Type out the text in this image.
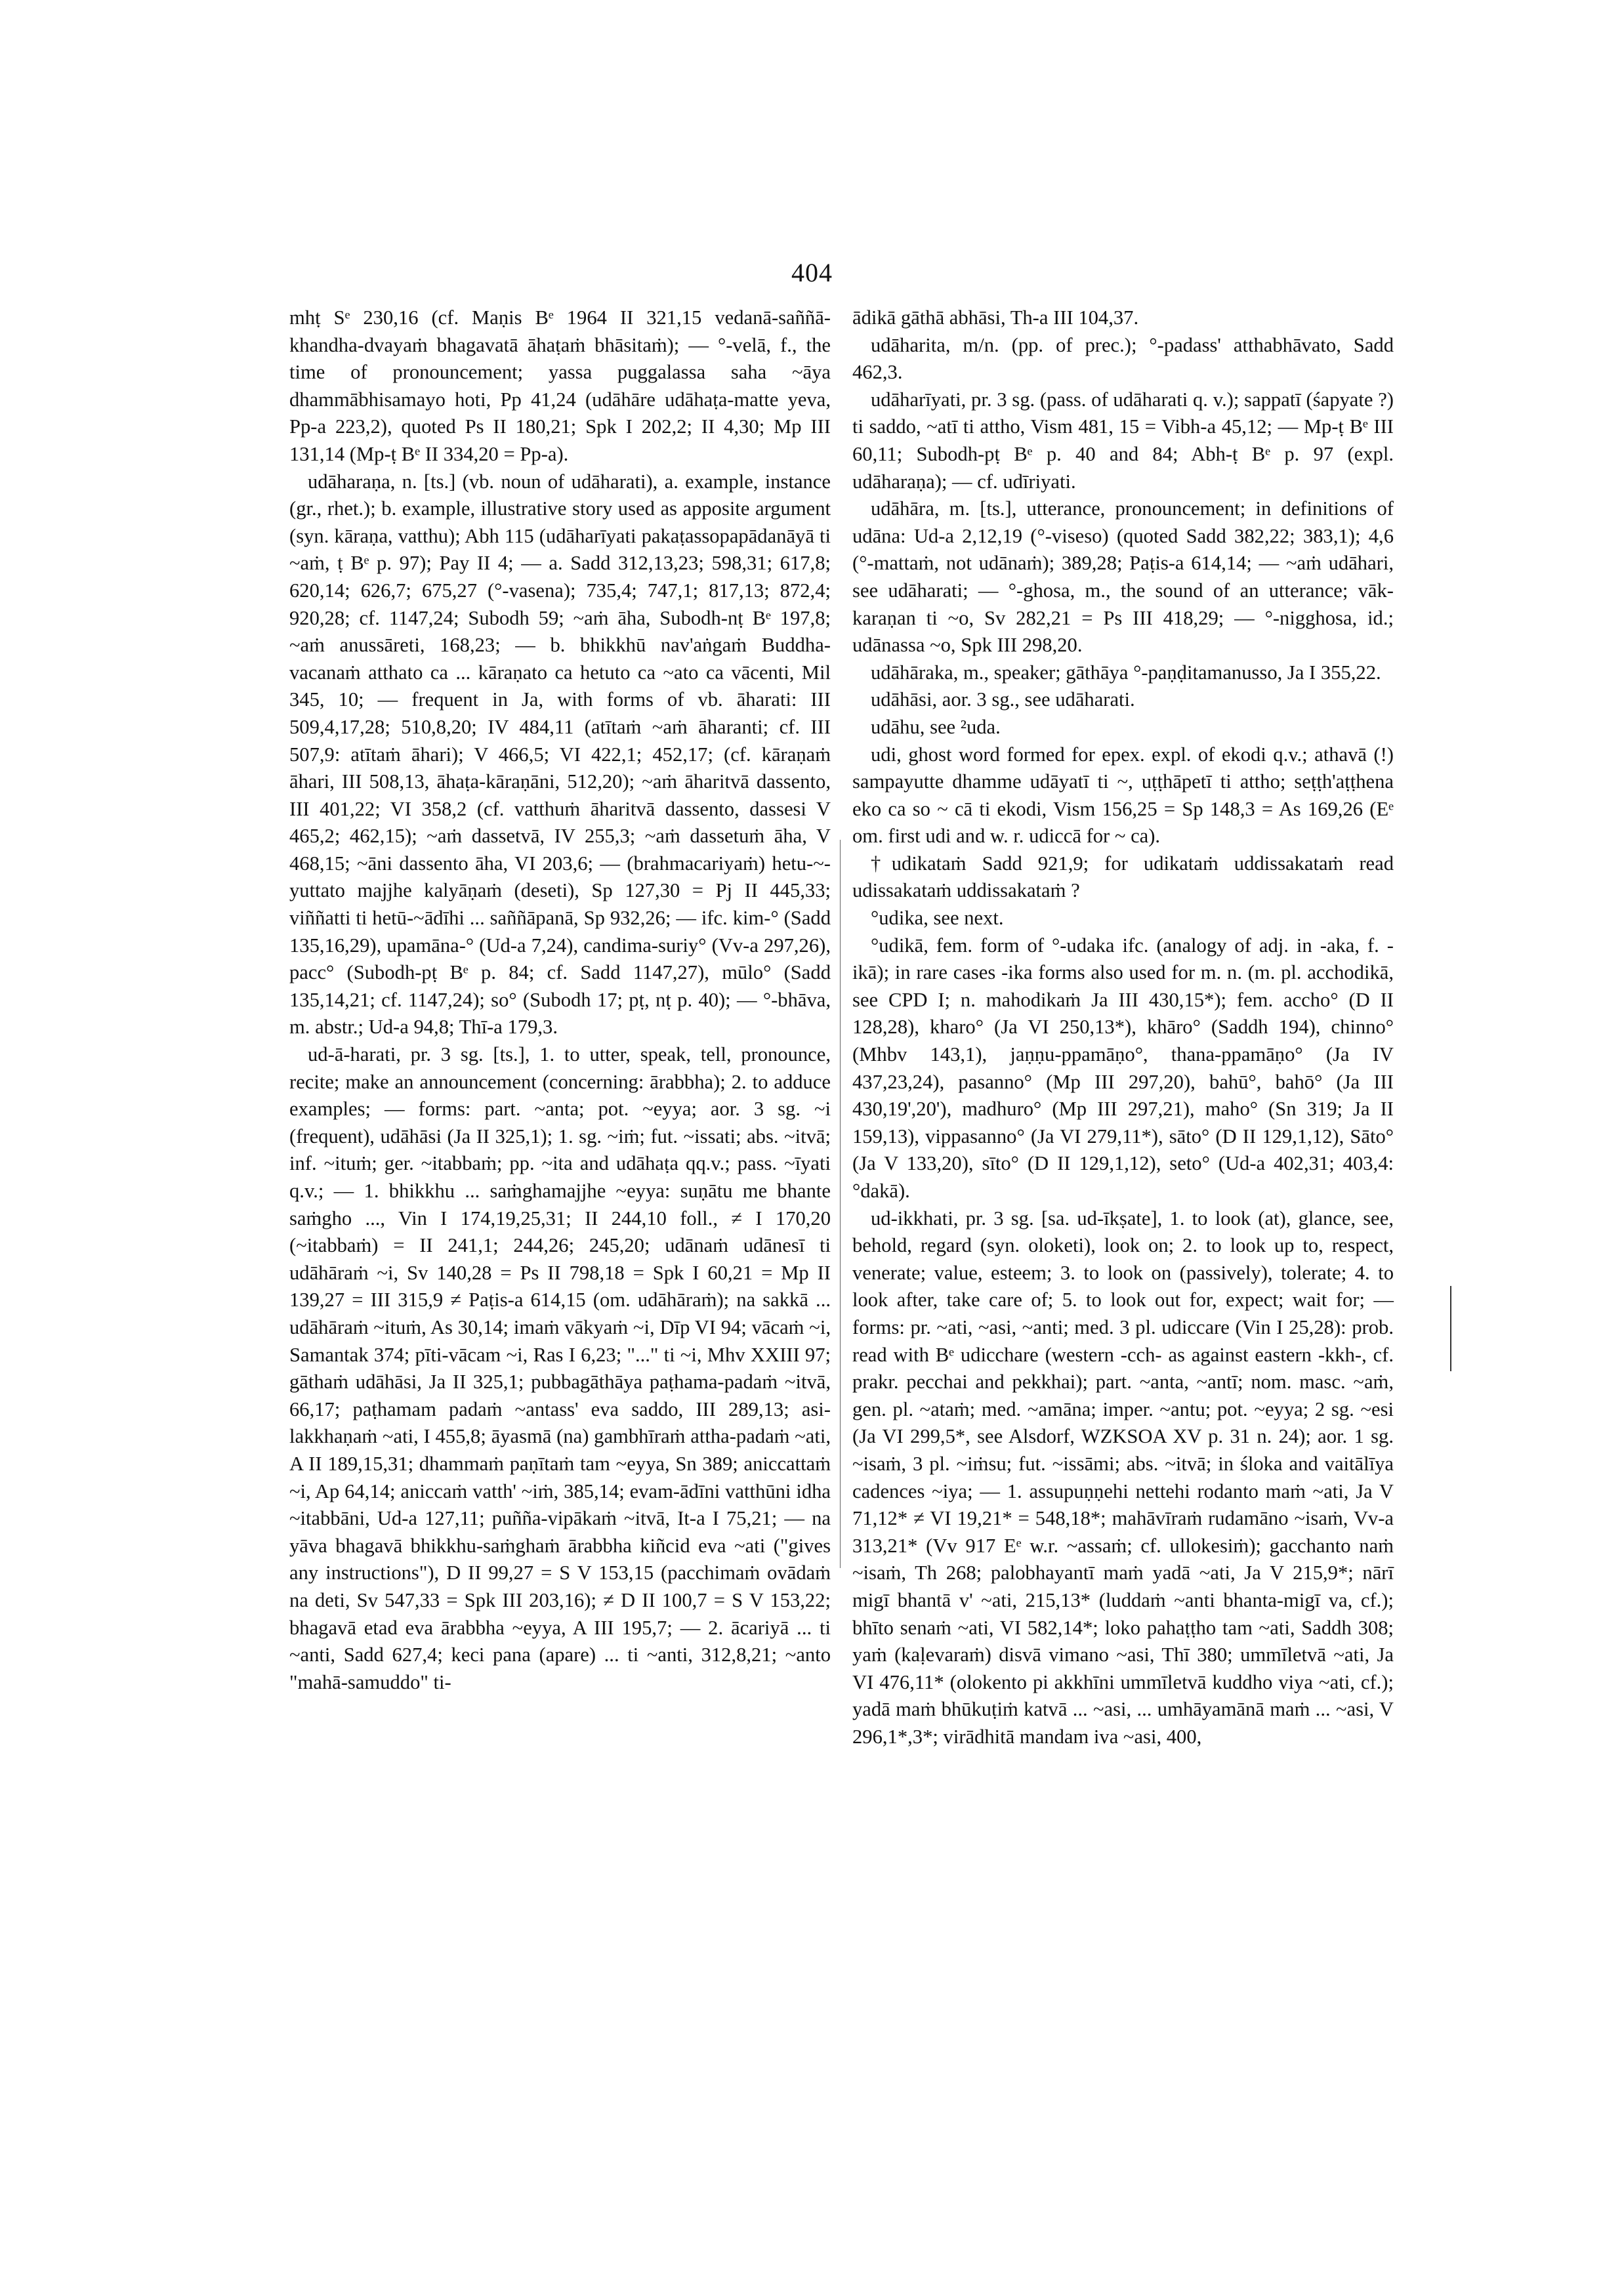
404

mhṭ Sᵉ 230,16 (cf. Maṇis Bᵉ 1964 II 321,15 vedanā-saññā-khandha-dvayaṁ bhagavatā āhaṭaṁ bhāsitaṁ); — °-velā, f., the time of pronouncement; yassa puggalassa saha ~āya dhammābhisamayo hoti, Pp 41,24 (udāhāre udāhaṭa-matte yeva, Pp-a 223,2), quoted Ps II 180,21; Spk I 202,2; II 4,30; Mp III 131,14 (Mp-ṭ Bᵉ II 334,20 = Pp-a).

udāharaṇa, n. [ts.] (vb. noun of udāharati), a. example, instance (gr., rhet.); b. example, illustrative story used as apposite argument (syn. kāraṇa, vatthu); Abh 115 (udāharīyati pakaṭassopapādanāyā ti ~aṁ, ṭ Bᵉ p. 97); Pay II 4; — a. Sadd 312,13,23; 598,31; 617,8; 620,14; 626,7; 675,27 (°-vasena); 735,4; 747,1; 817,13; 872,4; 920,28; cf. 1147,24; Subodh 59; ~aṁ āha, Subodh-nṭ Bᵉ 197,8; ~aṁ anussāreti, 168,23; — b. bhikkhū nav'aṅgaṁ Buddha-vacanaṁ atthato ca ... kāraṇato ca hetuto ca ~ato ca vācenti, Mil 345, 10; — frequent in Ja, with forms of vb. āharati: III 509,4,17,28; 510,8,20; IV 484,11 (atītaṁ ~aṁ āharanti; cf. III 507,9: atītaṁ āhari); V 466,5; VI 422,1; 452,17; (cf. kāraṇaṁ āhari, III 508,13, āhaṭa-kāraṇāni, 512,20); ~aṁ āharitvā dassento, III 401,22; VI 358,2 (cf. vatthuṁ āharitvā dassento, dassesi V 465,2; 462,15); ~aṁ dassetvā, IV 255,3; ~aṁ dassetuṁ āha, V 468,15; ~āni dassento āha, VI 203,6; — (brahmacariyaṁ) hetu-~-yuttato majjhe kalyāṇaṁ (deseti), Sp 127,30 = Pj II 445,33; viññatti ti hetū-~ādīhi ... saññāpanā, Sp 932,26; — ifc. kim-° (Sadd 135,16,29), upamāna-° (Ud-a 7,24), candima-suriy° (Vv-a 297,26), pacc° (Subodh-pṭ Bᵉ p. 84; cf. Sadd 1147,27), mūlo° (Sadd 135,14,21; cf. 1147,24); so° (Subodh 17; pṭ, nṭ p. 40); — °-bhāva, m. abstr.; Ud-a 94,8; Thī-a 179,3.

ud-ā-harati, pr. 3 sg. [ts.], 1. to utter, speak, tell, pronounce, recite; make an announcement (concerning: ārabbha); 2. to adduce examples; — forms: part. ~anta; pot. ~eyya; aor. 3 sg. ~i (frequent), udāhāsi (Ja II 325,1); 1. sg. ~iṁ; fut. ~issati; abs. ~itvā; inf. ~ituṁ; ger. ~itabbaṁ; pp. ~ita and udāhaṭa qq.v.; pass. ~īyati q.v.; — 1. bhikkhu ... saṁghamajjhe ~eyya: suṇātu me bhante saṁgho ..., Vin I 174,19,25,31; II 244,10 foll., ≠ I 170,20 (~itabbaṁ) = II 241,1; 244,26; 245,20; udānaṁ udānesī ti udāhāraṁ ~i, Sv 140,28 = Ps II 798,18 = Spk I 60,21 = Mp II 139,27 = III 315,9 ≠ Paṭis-a 614,15 (om. udāhāraṁ); na sakkā ... udāhāraṁ ~ituṁ, As 30,14; imaṁ vākyaṁ ~i, Dīp VI 94; vācaṁ ~i, Samantak 374; pīti-vācam ~i, Ras I 6,23; "..." ti ~i, Mhv XXIII 97; gāthaṁ udāhāsi, Ja II 325,1; pubbagāthāya paṭhama-padaṁ ~itvā, 66,17; paṭhamam padaṁ ~antass' eva saddo, III 289,13; asi-lakkhaṇaṁ ~ati, I 455,8; āyasmā (na) gambhīraṁ attha-padaṁ ~ati, A II 189,15,31; dhammaṁ paṇītaṁ tam ~eyya, Sn 389; aniccattaṁ ~i, Ap 64,14; aniccaṁ vatth' ~iṁ, 385,14; evam-ādīni vatthūni idha ~itabbāni, Ud-a 127,11; puñña-vipākaṁ ~itvā, It-a I 75,21; — na yāva bhagavā bhikkhu-saṁghaṁ ārabbha kiñcid eva ~ati ("gives any instructions"), D II 99,27 = S V 153,15 (pacchimaṁ ovādaṁ na deti, Sv 547,33 = Spk III 203,16); ≠ D II 100,7 = S V 153,22; bhagavā etad eva ārabbha ~eyya, A III 195,7; — 2. ācariyā ... ti ~anti, Sadd 627,4; keci pana (apare) ... ti ~anti, 312,8,21; ~anto "mahā-samuddo" ti-

ādikā gāthā abhāsi, Th-a III 104,37.

udāharita, m/n. (pp. of prec.); °-padass' atthabhāvato, Sadd 462,3.

udāharīyati, pr. 3 sg. (pass. of udāharati q. v.); sappatī (śapyate ?) ti saddo, ~atī ti attho, Vism 481, 15 = Vibh-a 45,12; — Mp-ṭ Bᵉ III 60,11; Subodh-pṭ Bᵉ p. 40 and 84; Abh-ṭ Bᵉ p. 97 (expl. udāharaṇa); — cf. udīriyati.

udāhāra, m. [ts.], utterance, pronouncement; in definitions of udāna: Ud-a 2,12,19 (°-viseso) (quoted Sadd 382,22; 383,1); 4,6 (°-mattaṁ, not udānaṁ); 389,28; Paṭis-a 614,14; — ~aṁ udāhari, see udāharati; — °-ghosa, m., the sound of an utterance; vāk-karaṇan ti ~o, Sv 282,21 = Ps III 418,29; — °-nigghosa, id.; udānassa ~o, Spk III 298,20.

udāhāraka, m., speaker; gāthāya °-paṇḍitamanusso, Ja I 355,22.

udāhāsi, aor. 3 sg., see udāharati.

udāhu, see ²uda.

udi, ghost word formed for epex. expl. of ekodi q.v.; athavā (!) sampayutte dhamme udāyatī ti ~, uṭṭhāpetī ti attho; seṭṭh'aṭṭhena eko ca so ~ cā ti ekodi, Vism 156,25 = Sp 148,3 = As 169,26 (Eᵉ om. first udi and w. r. udiccā for ~ ca).

†udikataṁ Sadd 921,9; for udikataṁ uddissakataṁ read udissakataṁ uddissakataṁ ?

°udika, see next.

°udikā, fem. form of °-udaka ifc. (analogy of adj. in -aka, f. -ikā); in rare cases -ika forms also used for m. n. (m. pl. acchodikā, see CPD I; n. mahodikaṁ Ja III 430,15*); fem. accho° (D II 128,28), kharo° (Ja VI 250,13*), khāro° (Saddh 194), chinno° (Mhbv 143,1), jaṇṇu-ppamāṇo°, thana-ppamāṇo° (Ja IV 437,23,24), pasanno° (Mp III 297,20), bahū°, bahō° (Ja III 430,19',20'), madhuro° (Mp III 297,21), maho° (Sn 319; Ja II 159,13), vippasanno° (Ja VI 279,11*), sāto° (D II 129,1,12), Sāto° (Ja V 133,20), sīto° (D II 129,1,12), seto° (Ud-a 402,31; 403,4: °dakā).

ud-ikkhati, pr. 3 sg. [sa. ud-īkṣate], 1. to look (at), glance, see, behold, regard (syn. oloketi), look on; 2. to look up to, respect, venerate; value, esteem; 3. to look on (passively), tolerate; 4. to look after, take care of; 5. to look out for, expect; wait for; — forms: pr. ~ati, ~asi, ~anti; med. 3 pl. udiccare (Vin I 25,28): prob. read with Bᵉ udicchare (western -cch- as against eastern -kkh-, cf. prakr. pecchai and pekkhai); part. ~anta, ~antī; nom. masc. ~aṁ, gen. pl. ~ataṁ; med. ~amāna; imper. ~antu; pot. ~eyya; 2 sg. ~esi (Ja VI 299,5*, see Alsdorf, WZKSOA XV p. 31 n. 24); aor. 1 sg. ~isaṁ, 3 pl. ~iṁsu; fut. ~issāmi; abs. ~itvā; in śloka and vaitālīya cadences ~iya; — 1. assupuṇṇehi nettehi rodanto maṁ ~ati, Ja V 71,12* ≠ VI 19,21* = 548,18*; mahāvīraṁ rudamāno ~isaṁ, Vv-a 313,21* (Vv 917 Eᵉ w.r. ~assaṁ; cf. ullokesiṁ); gacchanto naṁ ~isaṁ, Th 268; palobhayantī maṁ yadā ~ati, Ja V 215,9*; nārī migī bhantā v' ~ati, 215,13* (luddaṁ ~anti bhanta-migī va, cf.); bhīto senaṁ ~ati, VI 582,14*; loko pahaṭṭho tam ~ati, Saddh 308; yaṁ (kaḷevaraṁ) disvā vimano ~asi, Thī 380; ummīletvā ~ati, Ja VI 476,11* (olokento pi akkhīni ummīletvā kuddho viya ~ati, cf.); yadā maṁ bhūkuṭiṁ katvā ... ~asi, ... umhāyamānā maṁ ... ~asi, V 296,1*,3*; virādhitā mandam iva ~asi, 400,
